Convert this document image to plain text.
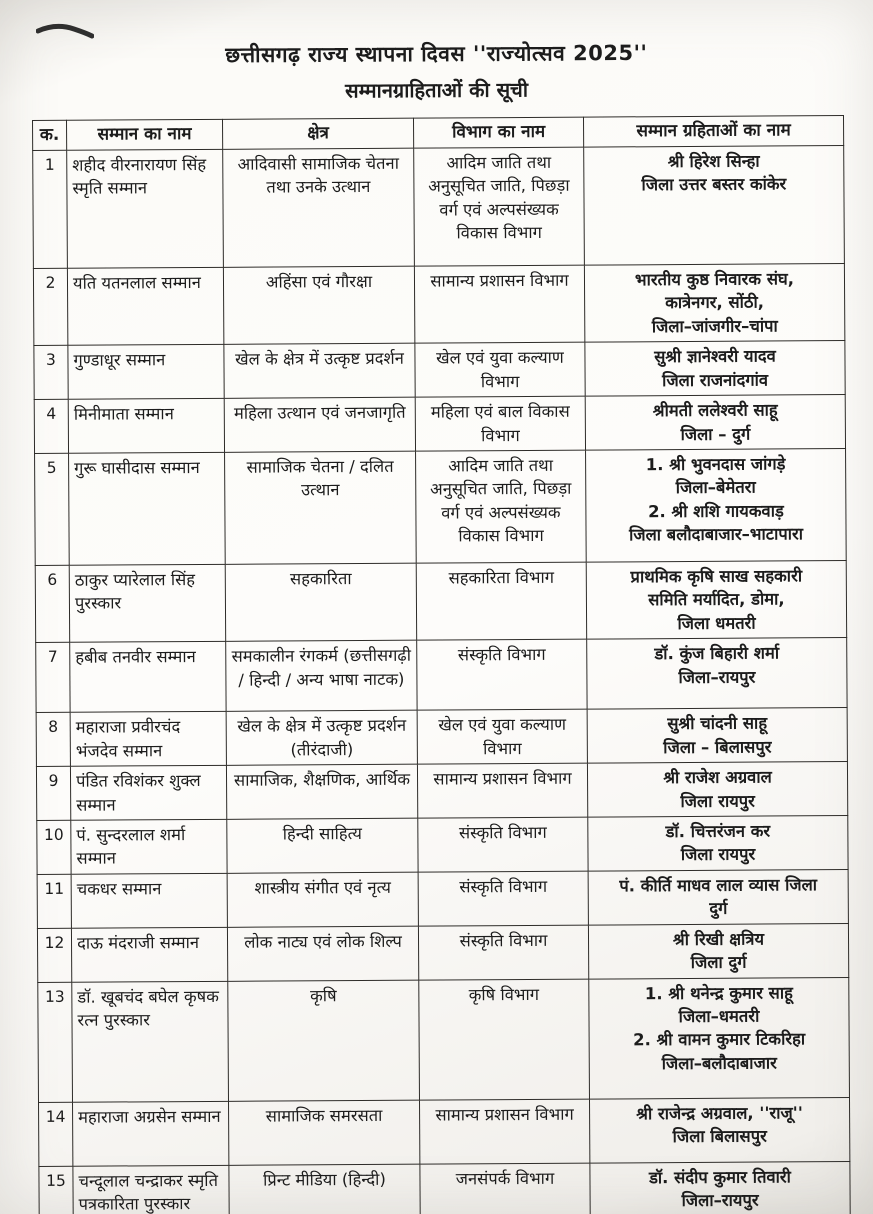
छत्तीसगढ़ राज्य स्थापना दिवस ''राज्योत्सव 2025''
सम्मानग्राहिताओं की सूची
क.	सम्मान का नाम	क्षेत्र	विभाग का नाम	सम्मान ग्रहिताओं का नाम
1	शहीद वीरनारायण सिंह स्मृति सम्मान	आदिवासी सामाजिक चेतना तथा उनके उत्थान	आदिम जाति तथा अनुसूचित जाति, पिछड़ा वर्ग एवं अल्पसंख्यक विकास विभाग	श्री हिरेश सिन्हा
जिला उत्तर बस्तर कांकेर
2	यति यतनलाल सम्मान	अहिंसा एवं गौरक्षा	सामान्य प्रशासन विभाग	भारतीय कुष्ठ निवारक संघ,
कात्रेनगर, सोंठी,
जिला–जांजगीर–चांपा
3	गुण्डाधूर सम्मान	खेल के क्षेत्र में उत्कृष्ट प्रदर्शन	खेल एवं युवा कल्याण विभाग	सुश्री ज्ञानेश्वरी यादव
जिला राजनांदगांव
4	मिनीमाता सम्मान	महिला उत्थान एवं जनजागृति	महिला एवं बाल विकास विभाग	श्रीमती ललेश्वरी साहू
जिला – दुर्ग
5	गुरू घासीदास सम्मान	सामाजिक चेतना / दलित उत्थान	आदिम जाति तथा अनुसूचित जाति, पिछड़ा वर्ग एवं अल्पसंख्यक विकास विभाग	1. श्री भुवनदास जांगड़े
जिला–बेमेतरा
2. श्री शशि गायकवाड़
जिला बलौदाबाजार–भाटापारा
6	ठाकुर प्यारेलाल सिंह पुरस्कार	सहकारिता	सहकारिता विभाग	प्राथमिक कृषि साख सहकारी
समिति मर्यादित, डोमा,
जिला धमतरी
7	हबीब तनवीर सम्मान	समकालीन रंगकर्म (छत्तीसगढ़ी / हिन्दी / अन्य भाषा नाटक)	संस्कृति विभाग	डॉ. कुंज बिहारी शर्मा
जिला–रायपुर
8	महाराजा प्रवीरचंद भंजदेव सम्मान	खेल के क्षेत्र में उत्कृष्ट प्रदर्शन (तीरंदाजी)	खेल एवं युवा कल्याण विभाग	सुश्री चांदनी साहू
जिला – बिलासपुर
9	पंडित रविशंकर शुक्ल सम्मान	सामाजिक, शैक्षणिक, आर्थिक	सामान्य प्रशासन विभाग	श्री राजेश अग्रवाल
जिला रायपुर
10	पं. सुन्दरलाल शर्मा सम्मान	हिन्दी साहित्य	संस्कृति विभाग	डॉ. चित्तरंजन कर
जिला रायपुर
11	चकधर सम्मान	शास्त्रीय संगीत एवं नृत्य	संस्कृति विभाग	पं. कीर्ति माधव लाल व्यास जिला
दुर्ग
12	दाऊ मंदराजी सम्मान	लोक नाट्य एवं लोक शिल्प	संस्कृति विभाग	श्री रिखी क्षत्रिय
जिला दुर्ग
13	डॉ. खूबचंद बघेल कृषक रत्न पुरस्कार	कृषि	कृषि विभाग	1. श्री थनेन्द्र कुमार साहू
जिला–धमतरी
2. श्री वामन कुमार टिकरिहा
जिला–बलौदाबाजार
14	महाराजा अग्रसेन सम्मान	सामाजिक समरसता	सामान्य प्रशासन विभाग	श्री राजेन्द्र अग्रवाल, ''राजू''
जिला बिलासपुर
15	चन्दूलाल चन्द्राकर स्मृति पत्रकारिता पुरस्कार	प्रिन्ट मीडिया (हिन्दी)	जनसंपर्क विभाग	डॉ. संदीप कुमार तिवारी
जिला–रायपुर
